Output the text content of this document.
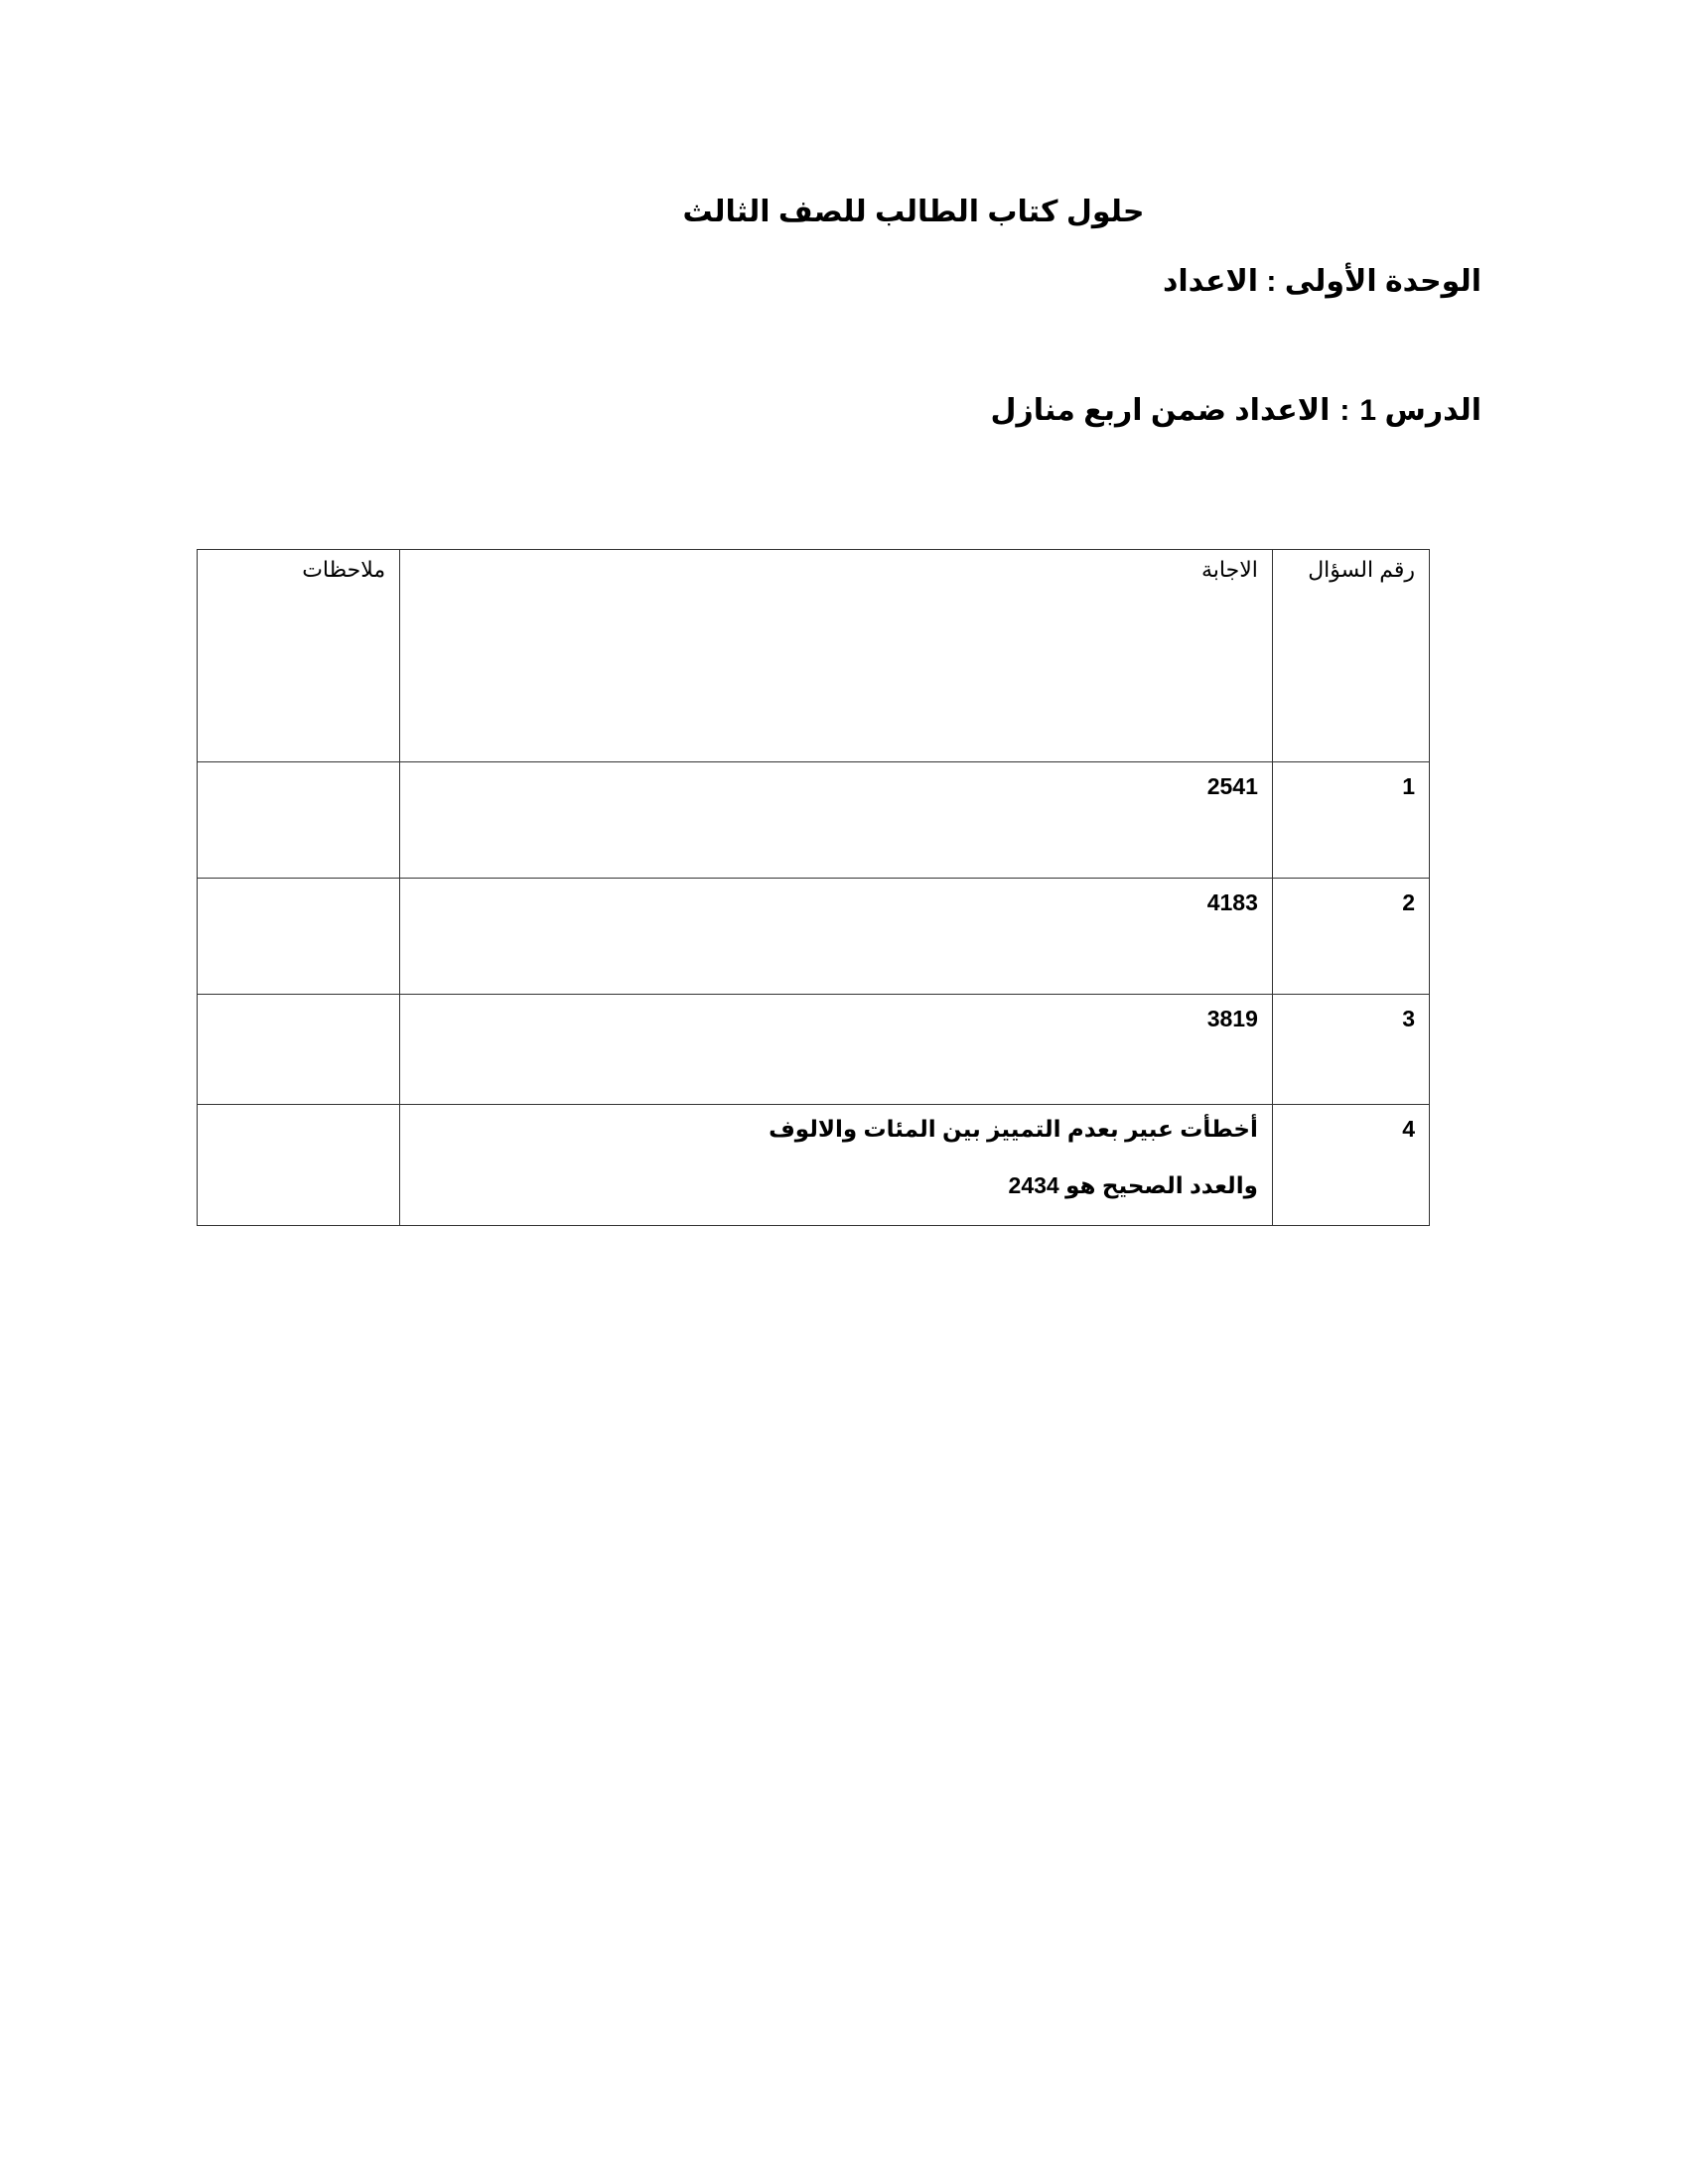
حلول كتاب الطالب للصف الثالث
الوحدة الأولى : الاعداد
الدرس 1:الاعداد ضمن اربع منازل
رقم السؤال	الاجابة	ملاحظات
1	2541	

2	4183	

3	3819	

4	أخطأت عبير بعدم التمييز بين المئات والالوف
والعدد الصحيح هو 2434	
